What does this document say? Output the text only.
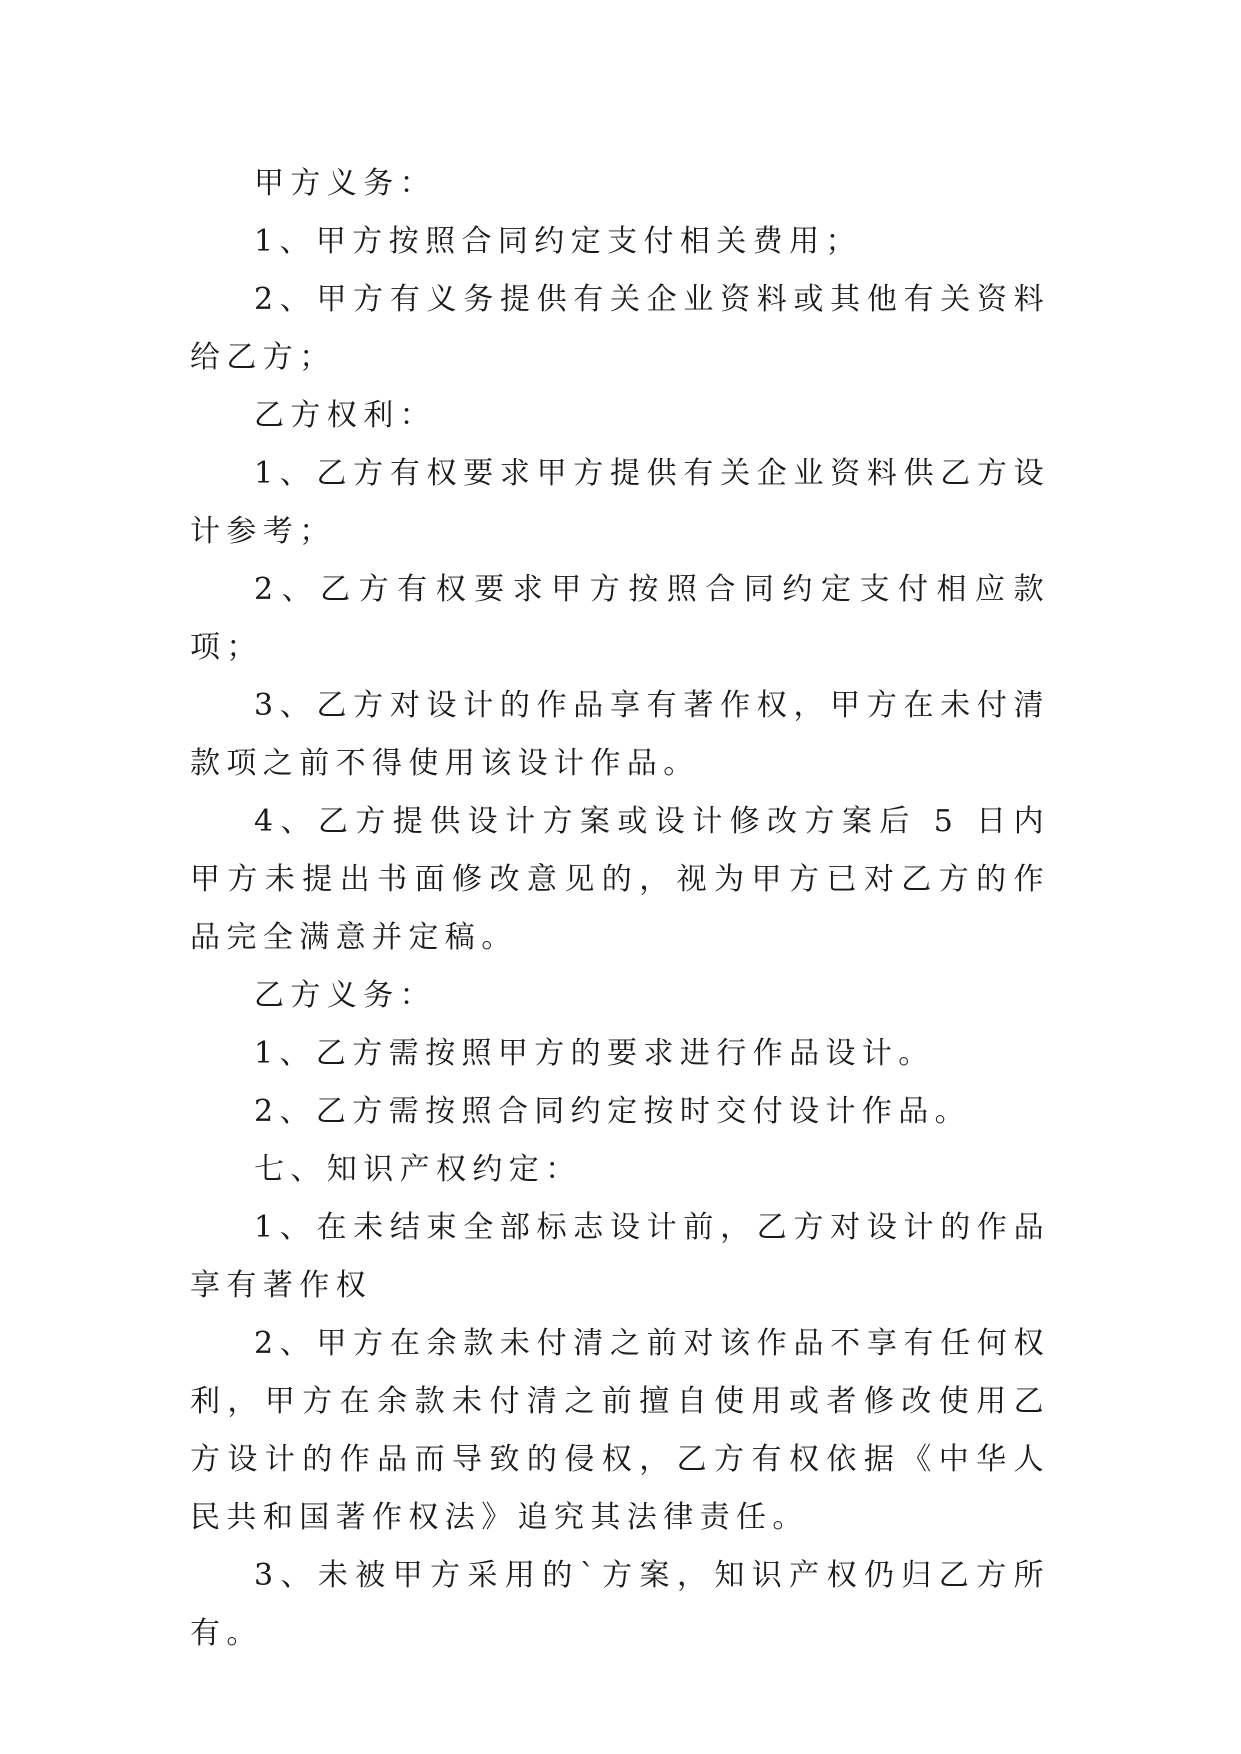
甲方义务：

1、甲方按照合同约定支付相关费用；

2、甲方有义务提供有关企业资料或其他有关资料给乙方；

乙方权利：

1、乙方有权要求甲方提供有关企业资料供乙方设计参考；

2、乙方有权要求甲方按照合同约定支付相应款项；

3、乙方对设计的作品享有著作权，甲方在未付清款项之前不得使用该设计作品。

4、乙方提供设计方案或设计修改方案后 5 日内甲方未提出书面修改意见的，视为甲方已对乙方的作品完全满意并定稿。

乙方义务：

1、乙方需按照甲方的要求进行作品设计。

2、乙方需按照合同约定按时交付设计作品。

七、知识产权约定：

1、在未结束全部标志设计前，乙方对设计的作品享有著作权

2、甲方在余款未付清之前对该作品不享有任何权利，甲方在余款未付清之前擅自使用或者修改使用乙方设计的作品而导致的侵权，乙方有权依据《中华人民共和国著作权法》追究其法律责任。

3、未被甲方采用的`方案，知识产权仍归乙方所有。
